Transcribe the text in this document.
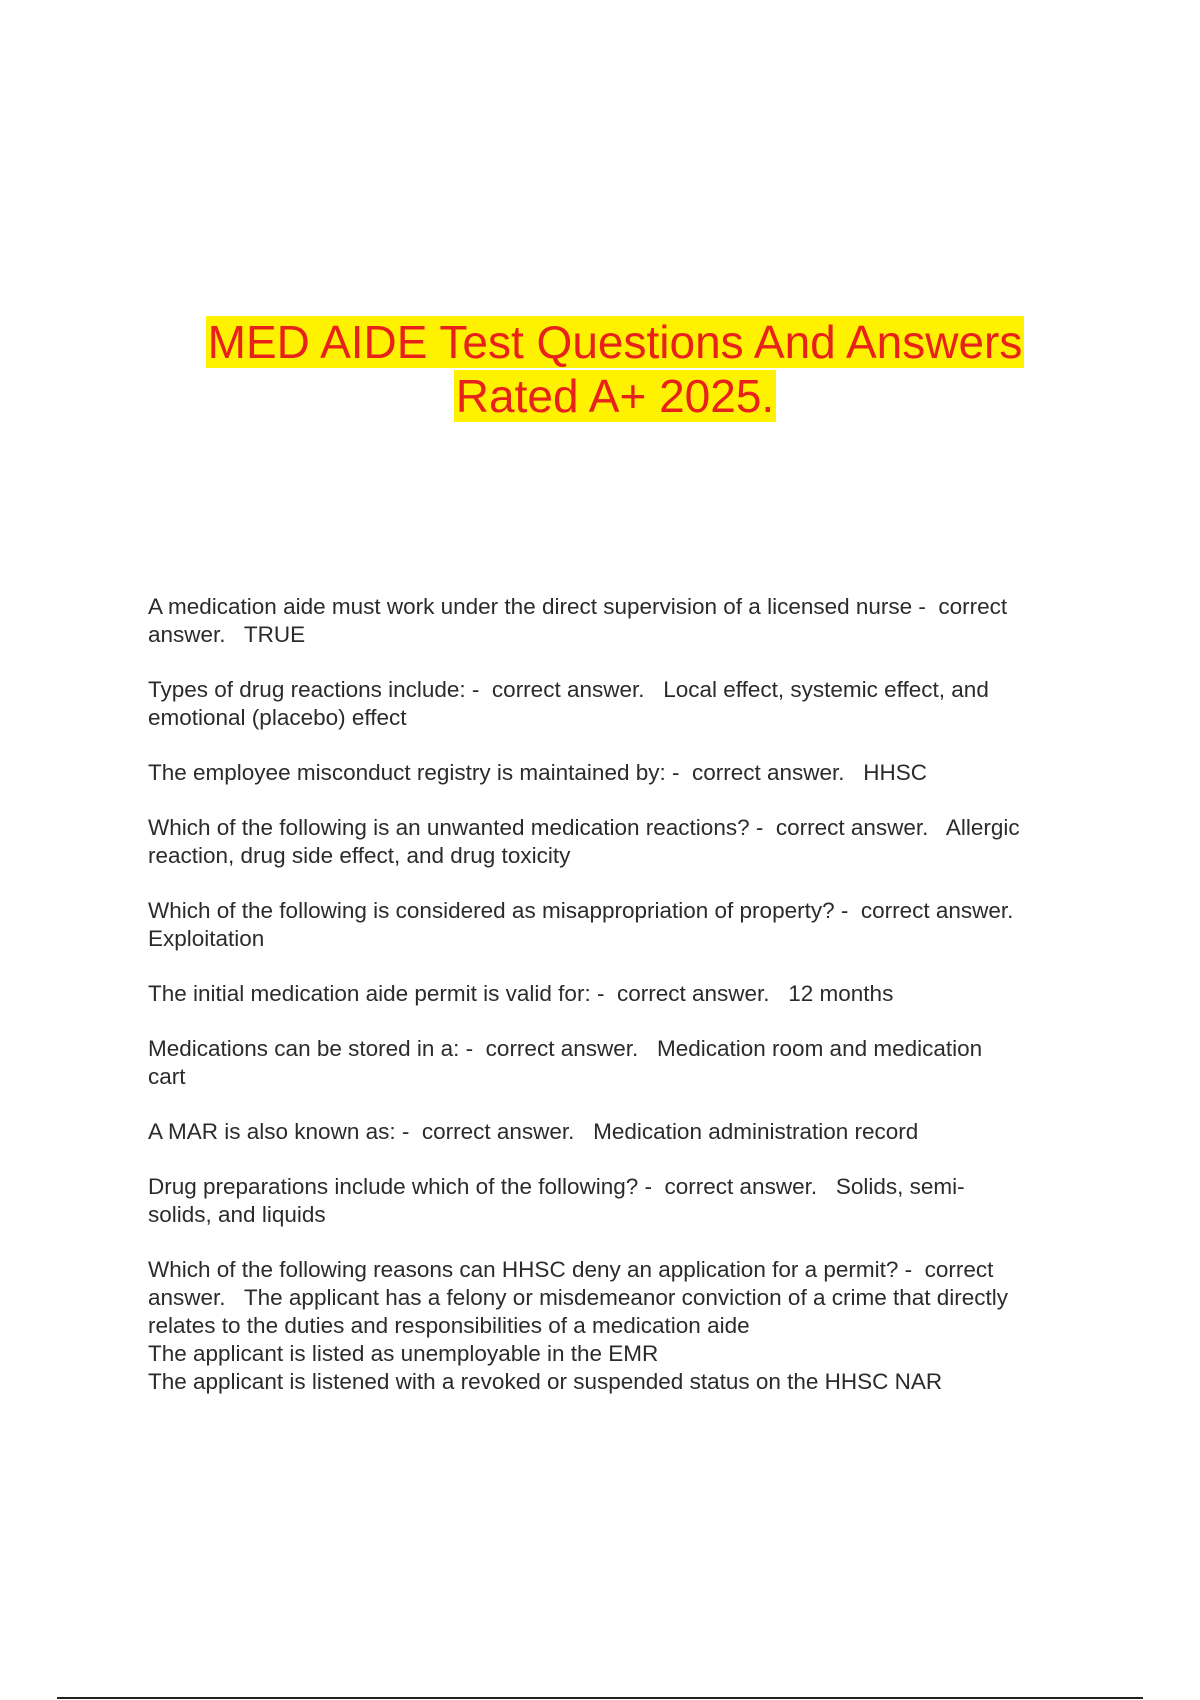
MED AIDE Test Questions And Answers
Rated A+ 2025.
A medication aide must work under the direct supervision of a licensed nurse -  correct
answer.   TRUE
Types of drug reactions include: -  correct answer.   Local effect, systemic effect, and
emotional (placebo) effect
The employee misconduct registry is maintained by: -  correct answer.   HHSC
Which of the following is an unwanted medication reactions? -  correct answer.   Allergic
reaction, drug side effect, and drug toxicity
Which of the following is considered as misappropriation of property? -  correct answer.
Exploitation
The initial medication aide permit is valid for: -  correct answer.   12 months
Medications can be stored in a: -  correct answer.   Medication room and medication
cart
A MAR is also known as: -  correct answer.   Medication administration record
Drug preparations include which of the following? -  correct answer.   Solids, semi-
solids, and liquids
Which of the following reasons can HHSC deny an application for a permit? -  correct
answer.   The applicant has a felony or misdemeanor conviction of a crime that directly
relates to the duties and responsibilities of a medication aide
The applicant is listed as unemployable in the EMR
The applicant is listened with a revoked or suspended status on the HHSC NAR
